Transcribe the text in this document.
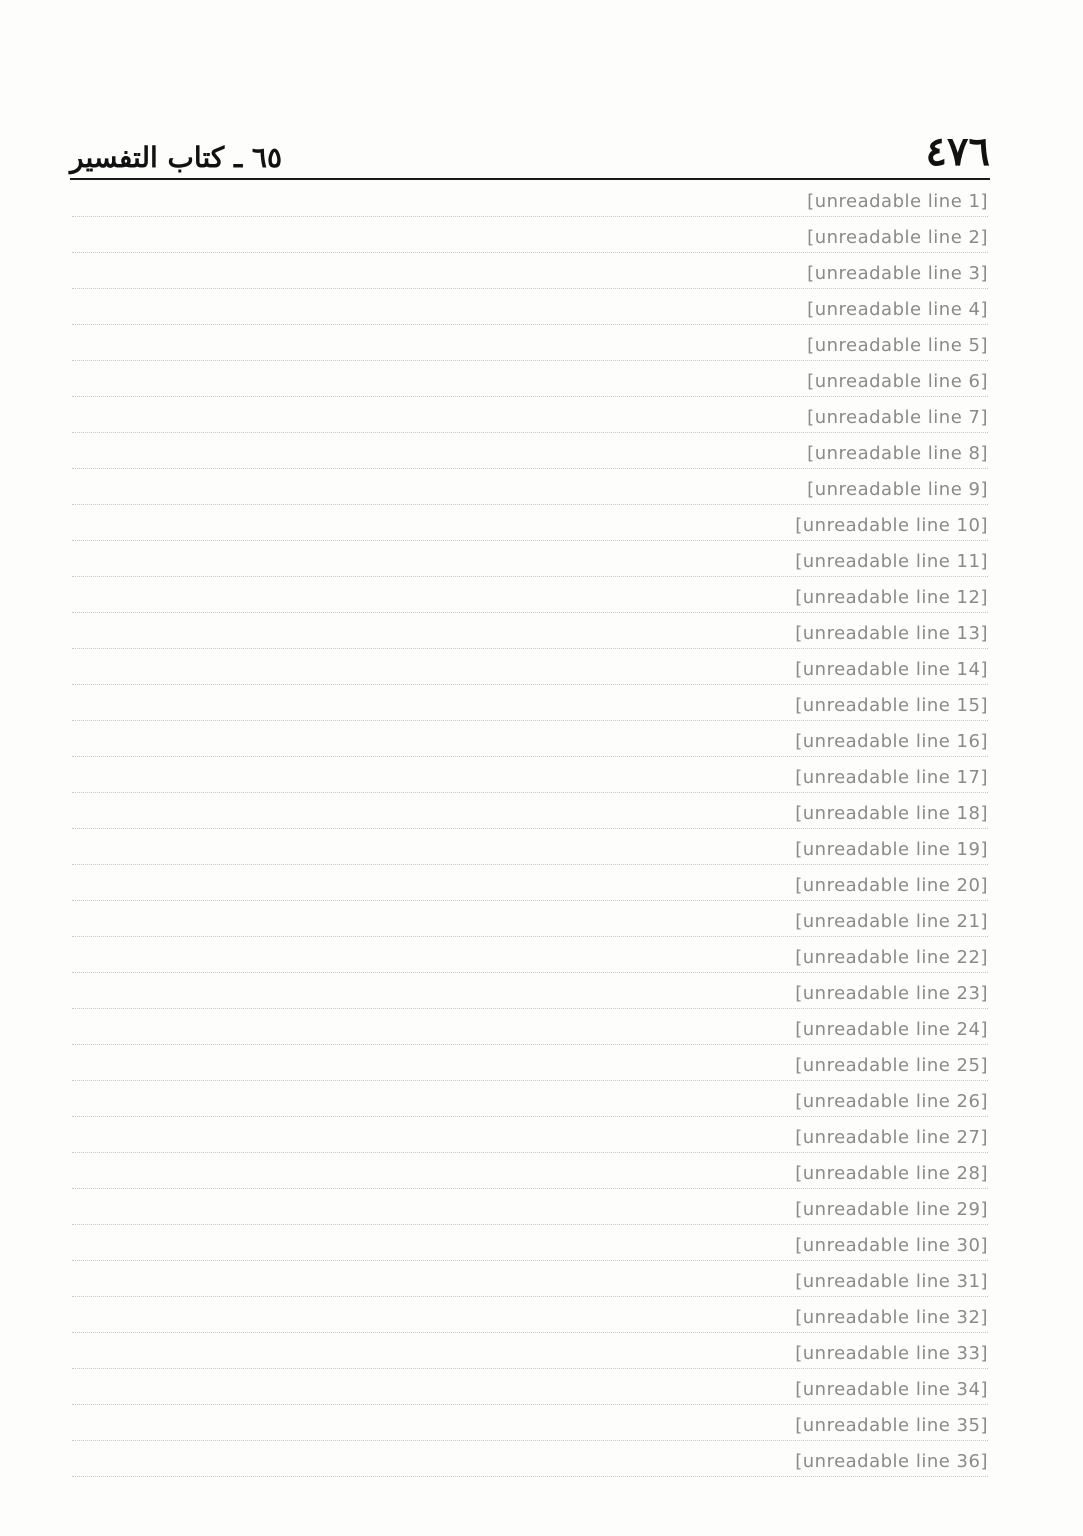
٤٧٦
٦٥ ـ كتاب التفسير
[unreadable line 1]
[unreadable line 2]
[unreadable line 3]
[unreadable line 4]
[unreadable line 5]
[unreadable line 6]
[unreadable line 7]
[unreadable line 8]
[unreadable line 9]
[unreadable line 10]
[unreadable line 11]
[unreadable line 12]
[unreadable line 13]
[unreadable line 14]
[unreadable line 15]
[unreadable line 16]
[unreadable line 17]
[unreadable line 18]
[unreadable line 19]
[unreadable line 20]
[unreadable line 21]
[unreadable line 22]
[unreadable line 23]
[unreadable line 24]
[unreadable line 25]
[unreadable line 26]
[unreadable line 27]
[unreadable line 28]
[unreadable line 29]
[unreadable line 30]
[unreadable line 31]
[unreadable line 32]
[unreadable line 33]
[unreadable line 34]
[unreadable line 35]
[unreadable line 36]
